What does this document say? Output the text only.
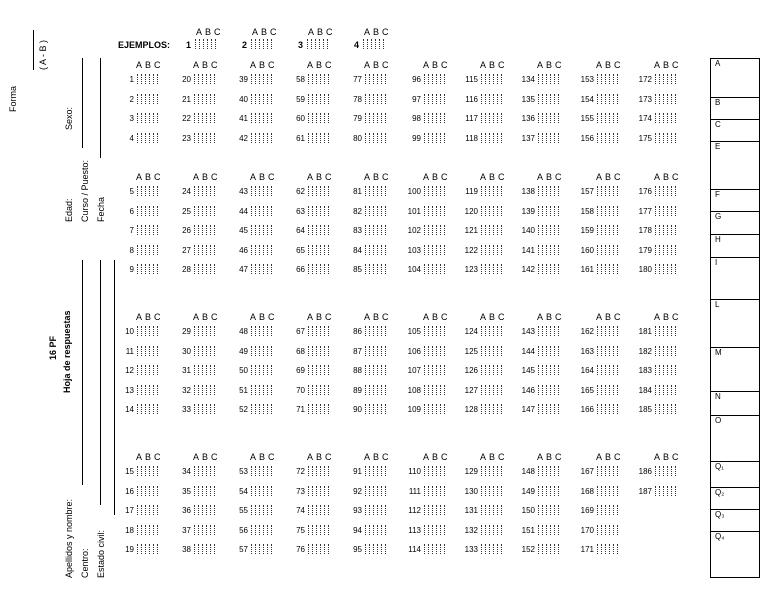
( A - B )
Forma
Sexo:
Edad: Curso / Puesto: Fecha
16 PF Hoja de respuestas
Apellidos y nombre: Centro: Estado civil:
EJEMPLOS:
A B C
1
A B C
2
A B C
3
A B C
4
A B C
1
2
3
4
A B C
5
6
7
8
9
A B C
10
11
12
13
14
A B C
15
16
17
18
19
A B C
20
21
22
23
A B C
24
25
26
27
28
A B C
29
30
31
32
33
A B C
34
35
36
37
38
A B C
39
40
41
42
A B C
43
44
45
46
47
A B C
48
49
50
51
52
A B C
53
54
55
56
57
A B C
58
59
60
61
A B C
62
63
64
65
66
A B C
67
68
69
70
71
A B C
72
73
74
75
76
A B C
77
78
79
80
A B C
81
82
83
84
85
A B C
86
87
88
89
90
A B C
91
92
93
94
95
A B C
96
97
98
99
A B C
100
101
102
103
104
A B C
105
106
107
108
109
A B C
110
111
112
113
114
A B C
115
116
117
118
A B C
119
120
121
122
123
A B C
124
125
126
127
128
A B C
129
130
131
132
133
A B C
134
135
136
137
A B C
138
139
140
141
142
A B C
143
144
145
146
147
A B C
148
149
150
151
152
A B C
153
154
155
156
A B C
157
158
159
160
161
A B C
162
163
164
165
166
A B C
167
168
169
170
171
A B C
172
173
174
175
A B C
176
177
178
179
180
A B C
181
182
183
184
185
A B C
186
187
A
B
C
E
F
G
H
I
L
M
N
O
Q₁
Q₂
Q₃
Q₄
